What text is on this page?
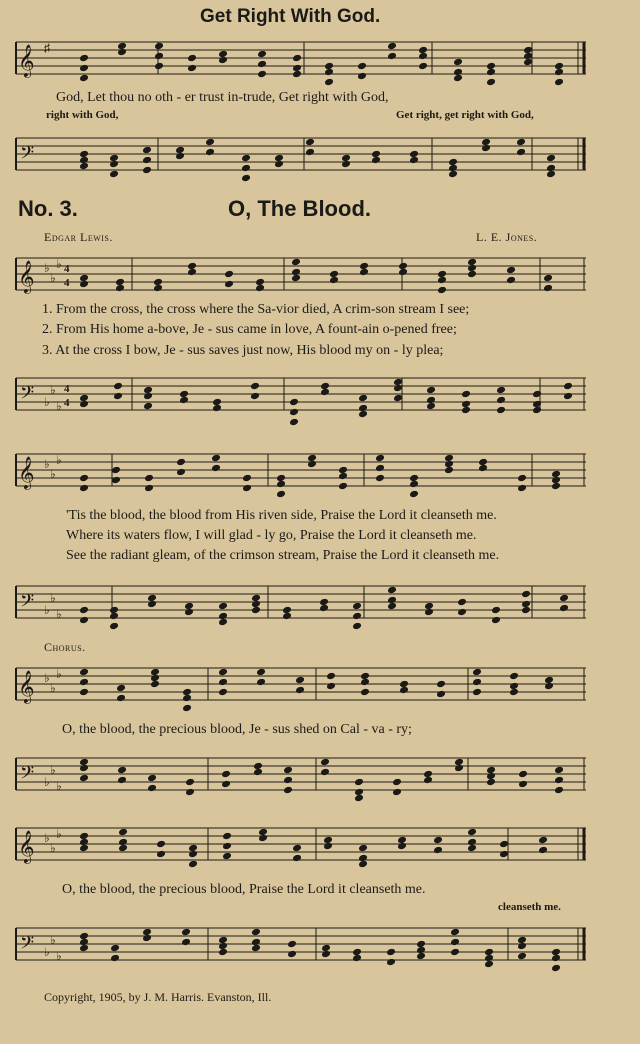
Get Right With God.
𝄞 ♯
God, Let thou no oth - er trust in-trude, Get right with God,
right with God,	Get right, get right with God,
𝄢
No. 3.	O, The Blood.
Edgar Lewis.	L. E. Jones.
𝄞 ♭
♭
♭ 4
4
1. From the cross, the cross where the Sa-vior died, A crim-son stream I see;
2. From His home a-bove, Je - sus came in love, A fount-ain o-pened free;
3. At the cross I bow, Je - sus saves just now, His blood my on - ly plea;
𝄢 ♭
♭
♭
4
4
𝄞 ♭
♭
♭
'Tis the blood, the blood from His riven side, Praise the Lord it cleanseth me.
Where its waters flow, I will glad - ly go, Praise the Lord it cleanseth me.
See the radiant gleam, of the crimson stream, Praise the Lord it cleanseth me.
𝄢 ♭
♭
♭
Chorus.
𝄞 ♭
♭
♭
O, the blood, the precious blood, Je - sus shed on Cal - va - ry;
𝄢 ♭
♭
♭
𝄞 ♭
♭
♭
O, the blood, the precious blood, Praise the Lord it cleanseth me.
cleanseth me.
𝄢 ♭
♭
♭
Copyright, 1905, by J. M. Harris. Evanston, Ill.
